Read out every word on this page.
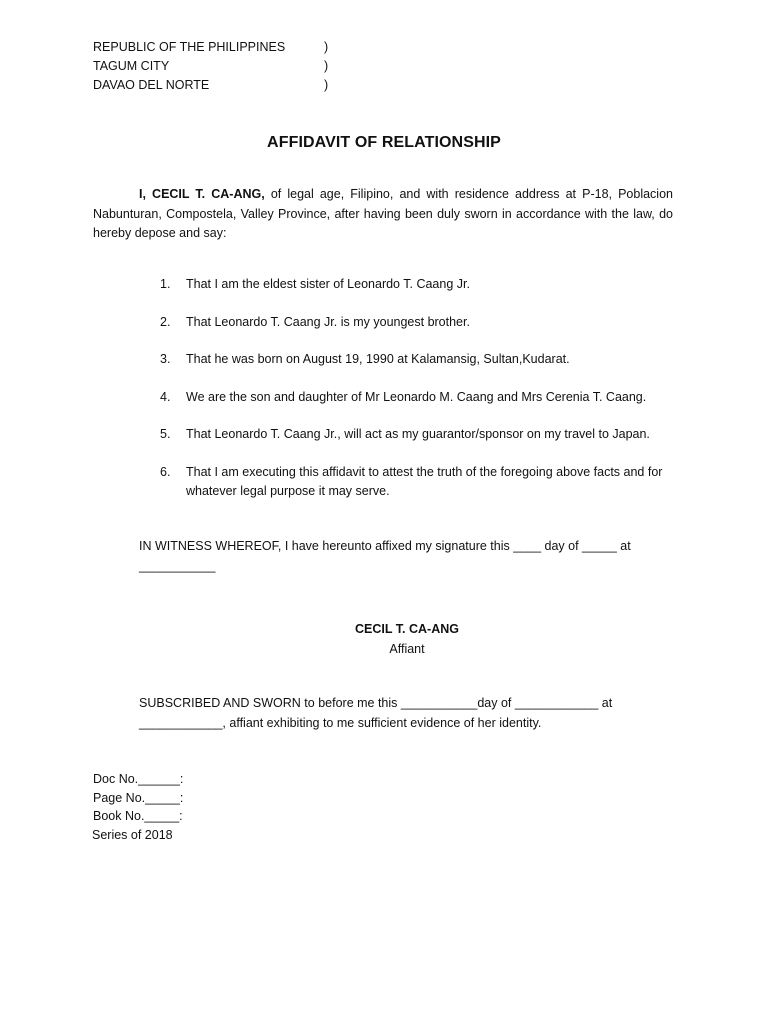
REPUBLIC OF THE PHILIPPINES	)
TAGUM CITY	)
DAVAO DEL NORTE	)
AFFIDAVIT OF RELATIONSHIP
I, CECIL T. CA-ANG, of legal age, Filipino, and with residence address at P-18, Poblacion Nabunturan, Compostela, Valley Province, after having been duly sworn in accordance with the law, do hereby depose and say:
1. That I am the eldest sister of Leonardo T. Caang Jr.
2. That Leonardo T. Caang Jr. is my youngest brother.
3. That he was born on August 19, 1990 at Kalamansig, Sultan,Kudarat.
4. We are the son and daughter of Mr Leonardo M. Caang and Mrs Cerenia T. Caang.
5. That Leonardo T. Caang Jr., will act as my guarantor/sponsor on my travel to Japan.
6. That I am executing this affidavit to attest the truth of the foregoing above facts and for whatever legal purpose it may serve.
IN WITNESS WHEREOF, I have hereunto affixed my signature this ____ day of _____ at
___________
CECIL T. CA-ANG
Affiant
SUBSCRIBED AND SWORN to before me this ___________day of ____________ at
____________, affiant exhibiting to me sufficient evidence of her identity.
Doc No.______:
Page No._____:
Book No._____:
Series of 2018
